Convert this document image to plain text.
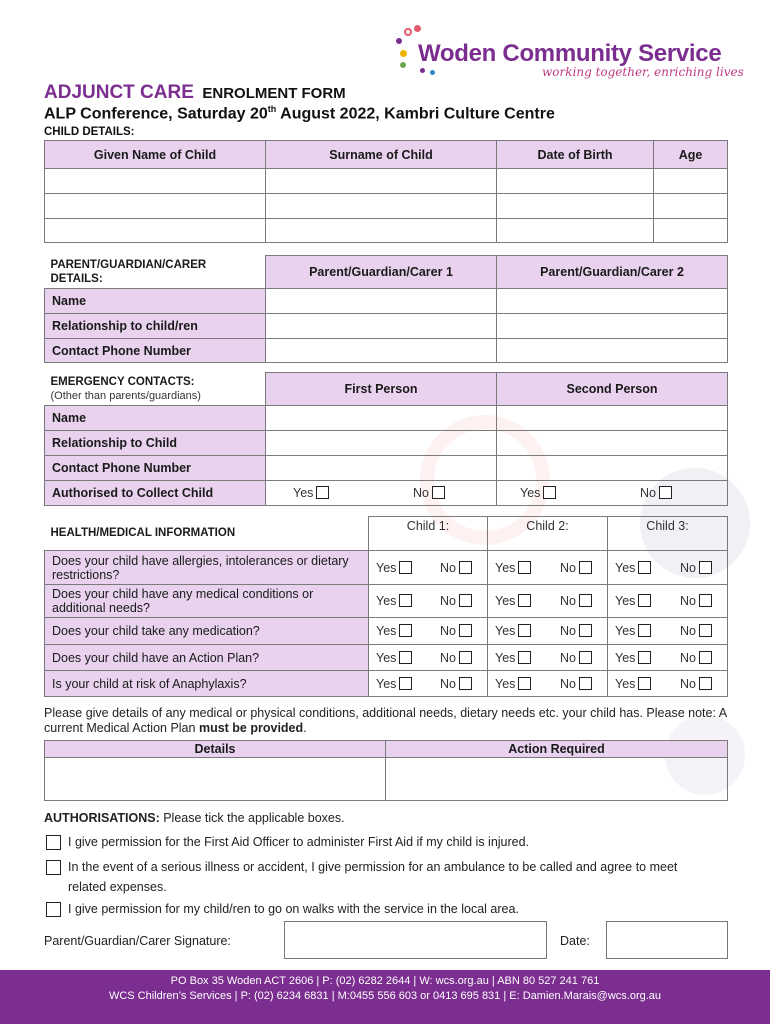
Woden Community Service
working together, enriching lives
ADJUNCT CARE ENROLMENT FORM
ALP Conference, Saturday 20th August 2022, Kambri Culture Centre
CHILD DETAILS:
Given Name of Child	Surname of Child	Date of Birth	Age

PARENT/GUARDIAN/CARER DETAILS:	Parent/Guardian/Carer 1	Parent/Guardian/Carer 2
Name		
Relationship to child/ren		
Contact Phone Number		
EMERGENCY CONTACTS:
(Other than parents/guardians)	First Person	Second Person
Name		
Relationship to Child		
Contact Phone Number		
Authorised to Collect Child	Yes No	Yes No
HEALTH/MEDICAL INFORMATION	Child 1:	Child 2:	Child 3:
Does your child have allergies, intolerances or dietary restrictions?	Yes No	Yes No	Yes No

Does your child have any medical conditions or additional needs?	Yes No	Yes No	Yes No

Does your child take any medication?	Yes No	Yes No	Yes No

Does your child have an Action Plan?	Yes No	Yes No	Yes No

Is your child at risk of Anaphylaxis?	Yes No	Yes No	Yes No
Please give details of any medical or physical conditions, additional needs, dietary needs etc. your child has. Please note: A current Medical Action Plan must be provided.
Details	Action Required

AUTHORISATIONS: Please tick the applicable boxes.
I give permission for the First Aid Officer to administer First Aid if my child is injured.
In the event of a serious illness or accident, I give permission for an ambulance to be called and agree to meet related expenses.
I give permission for my child/ren to go on walks with the service in the local area.
Parent/Guardian/Carer Signature:	Date:
PO Box 35 Woden ACT 2606 | P: (02) 6282 2644 | W: wcs.org.au | ABN 80 527 241 761
WCS Children’s Services | P: (02) 6234 6831 | M:0455 556 603 or 0413 695 831 | E: Damien.Marais@wcs.org.au
